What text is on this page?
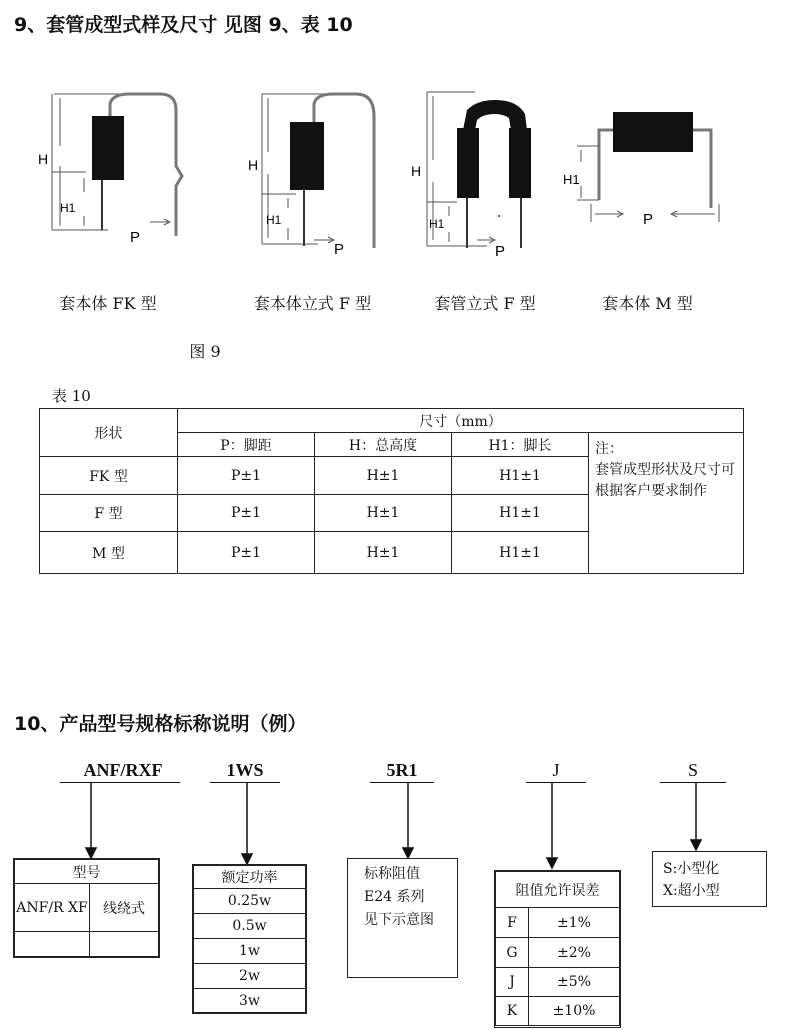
9、套管成型式样及尺寸 见图 9、表 10
H
H1
P
套本体 FK 型
H
H1
P
套本体立式 F 型
H
H1
P
套管立式 F 型
H1
P
套本体 M 型
图 9
表 10
形状	尺寸（mm）			
	P：脚距	H：总高度	H1：脚长	注：
套管成型形状及尺寸可根据客户要求制作

FK 型	P±1	H±1	H1±1	
F 型	P±1	H±1	H1±1	
M 型	P±1	H±1	H1±1	
10、产品型号规格标称说明（例）
ANF/RXF	1WS	5R1	J	S
型号	
ANF/R XF	线绕式

额定功率
0.25w
0.5w
1w
2w
3w
标称阻值
E24 系列
见下示意图
阻值允许误差	
F	±1%
G	±2%
J	±5%
K	±10%
S:小型化
X:超小型
